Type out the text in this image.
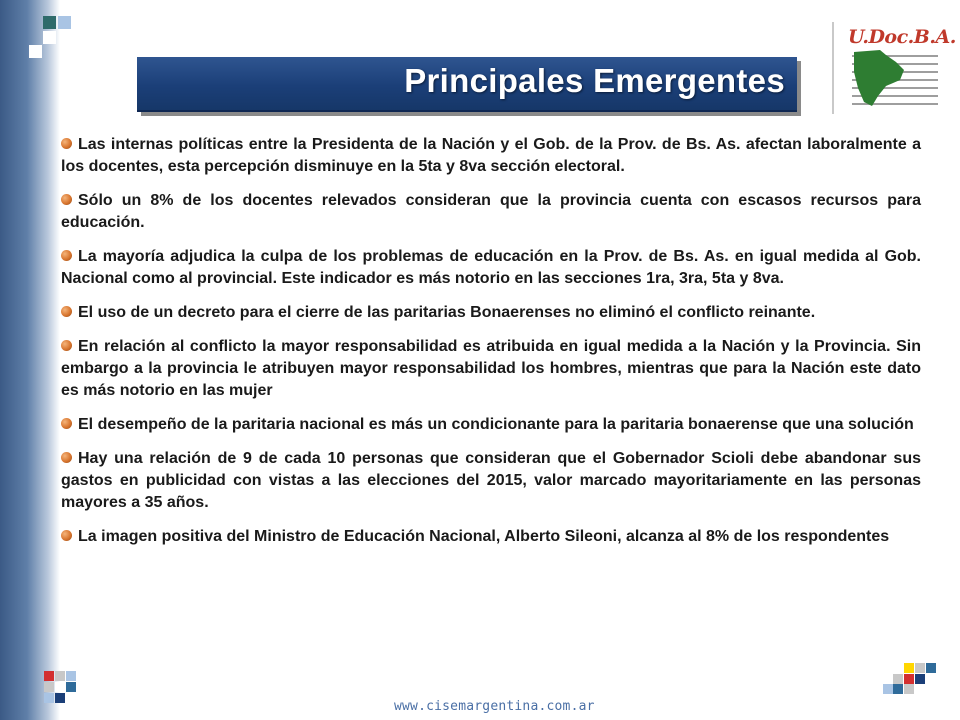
Principales Emergentes
U.Doc.B.A.

Las internas políticas entre la Presidenta de la Nación y el Gob. de la Prov. de Bs. As. afectan laboralmente a los docentes, esta percepción disminuye en la 5ta y 8va sección electoral.

Sólo un 8% de los docentes relevados consideran que la provincia cuenta con escasos recursos para educación.

La mayoría adjudica la culpa de los problemas de educación en la Prov. de Bs. As. en igual medida al Gob. Nacional como al provincial. Este indicador es más notorio en las secciones 1ra, 3ra, 5ta y 8va.

El uso de un decreto para el cierre de las paritarias Bonaerenses no eliminó el conflicto reinante.

En relación al conflicto la mayor responsabilidad es atribuida en igual medida a la Nación y la Provincia. Sin embargo a la provincia le atribuyen mayor responsabilidad los hombres, mientras que para la Nación este dato es más notorio en las mujer

El desempeño de la paritaria nacional es más un condicionante para la paritaria bonaerense que una solución

Hay una relación de 9 de cada 10 personas que consideran que el Gobernador Scioli debe abandonar sus gastos en publicidad con vistas a las elecciones del 2015, valor marcado mayoritariamente en las personas mayores a 35 años.

La imagen positiva del Ministro de Educación Nacional, Alberto Sileoni, alcanza al 8% de los respondentes

www.cisemargentina.com.ar
